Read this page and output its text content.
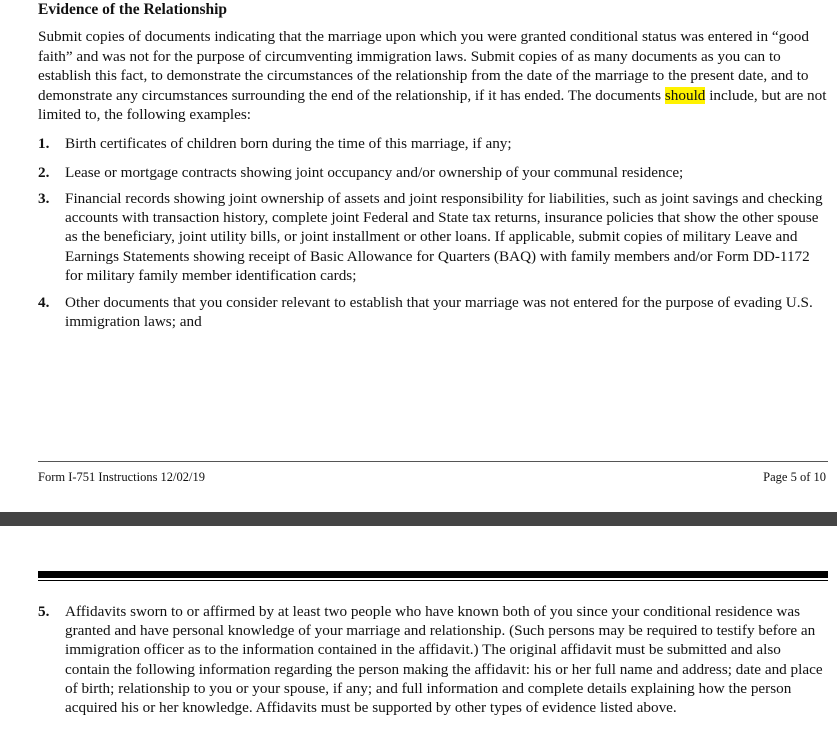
Evidence of the Relationship

Submit copies of documents indicating that the marriage upon which you were granted conditional status was entered in “good faith” and was not for the purpose of circumventing immigration laws. Submit copies of as many documents as you can to establish this fact, to demonstrate the circumstances of the relationship from the date of the marriage to the present date, and to demonstrate any circumstances surrounding the end of the relationship, if it has ended. The documents should include, but are not limited to, the following examples:

1. Birth certificates of children born during the time of this marriage, if any;
2. Lease or mortgage contracts showing joint occupancy and/or ownership of your communal residence;
3. Financial records showing joint ownership of assets and joint responsibility for liabilities, such as joint savings and checking accounts with transaction history, complete joint Federal and State tax returns, insurance policies that show the other spouse as the beneficiary, joint utility bills, or joint installment or other loans. If applicable, submit copies of military Leave and Earnings Statements showing receipt of Basic Allowance for Quarters (BAQ) with family members and/or Form DD-1172 for military family member identification cards;
4. Other documents that you consider relevant to establish that your marriage was not entered for the purpose of evading U.S. immigration laws; and
Form I-751 Instructions 12/02/19	Page 5 of 10
5. Affidavits sworn to or affirmed by at least two people who have known both of you since your conditional residence was granted and have personal knowledge of your marriage and relationship. (Such persons may be required to testify before an immigration officer as to the information contained in the affidavit.) The original affidavit must be submitted and also contain the following information regarding the person making the affidavit: his or her full name and address; date and place of birth; relationship to you or your spouse, if any; and full information and complete details explaining how the person acquired his or her knowledge. Affidavits must be supported by other types of evidence listed above.
